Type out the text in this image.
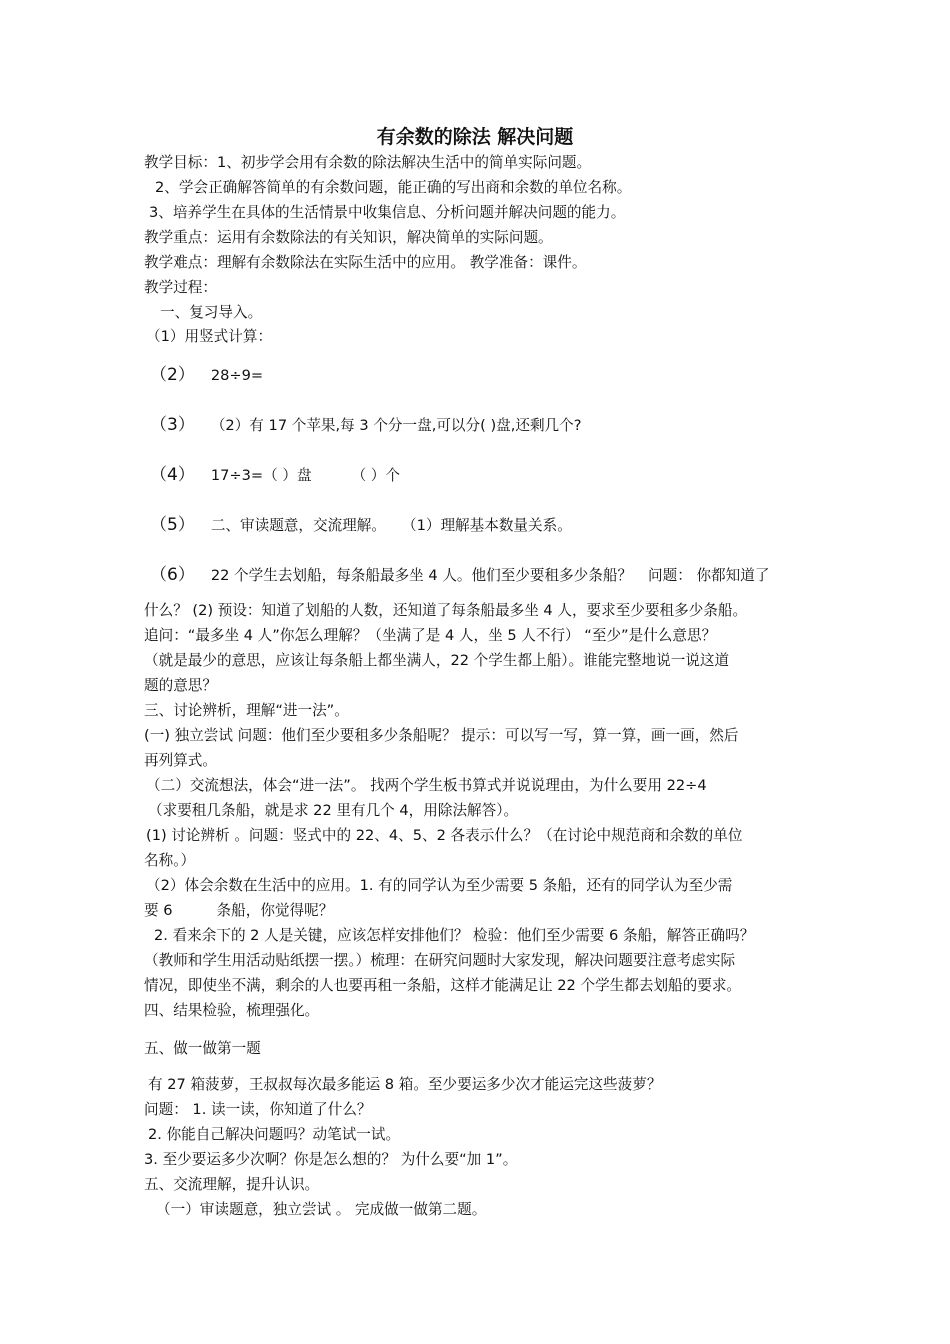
有余数的除法 解决问题
教学目标：1、初步学会用有余数的除法解决生活中的简单实际问题。
2、学会正确解答简单的有余数问题，能正确的写出商和余数的单位名称。
3、培养学生在具体的生活情景中收集信息、分析问题并解决问题的能力。
教学重点：运用有余数除法的有关知识，解决简单的实际问题。
教学难点：理解有余数除法在实际生活中的应用。 教学准备：课件。
教学过程：
一、复习导入。
（1）用竖式计算：
（2） 28÷9=
（3） （2）有 17 个苹果,每 3 个分一盘,可以分( )盘,还剩几个?
（4） 17÷3=（ ）盘	（ ）个
（5） 二、审读题意，交流理解。 （1）理解基本数量关系。
（6） 22 个学生去划船，每条船最多坐 4 人。他们至少要租多少条船？ 问题： 你都知道了
什么？ (2) 预设：知道了划船的人数，还知道了每条船最多坐 4 人，要求至少要租多少条船。
追问：“最多坐 4 人”你怎么理解？（坐满了是 4 人，坐 5 人不行） “至少”是什么意思？
（就是最少的意思，应该让每条船上都坐满人，22 个学生都上船）。谁能完整地说一说这道
题的意思？
三、讨论辨析，理解“进一法”。
(一) 独立尝试 问题：他们至少要租多少条船呢？ 提示：可以写一写，算一算，画一画，然后
再列算式。
（二）交流想法，体会“进一法”。 找两个学生板书算式并说说理由，为什么要用 22÷4
（求要租几条船，就是求 22 里有几个 4，用除法解答）。
(1) 讨论辨析 。问题：竖式中的 22、4、5、2 各表示什么？（在讨论中规范商和余数的单位
名称。）
（2）体会余数在生活中的应用。1. 有的同学认为至少需要 5 条船，还有的同学认为至少需
要 6	条船，你觉得呢？
2. 看来余下的 2 人是关键，应该怎样安排他们？ 检验：他们至少需要 6 条船，解答正确吗？
（教师和学生用活动贴纸摆一摆。）梳理：在研究问题时大家发现，解决问题要注意考虑实际
情况，即使坐不满，剩余的人也要再租一条船，这样才能满足让 22 个学生都去划船的要求。
四、结果检验，梳理强化。
五、做一做第一题
有 27 箱菠萝，王叔叔每次最多能运 8 箱。至少要运多少次才能运完这些菠萝？
问题： 1. 读一读，你知道了什么？
2. 你能自己解决问题吗？动笔试一试。
3. 至少要运多少次啊？你是怎么想的？ 为什么要“加 1”。
五、交流理解，提升认识。
（一）审读题意，独立尝试 。 完成做一做第二题。
